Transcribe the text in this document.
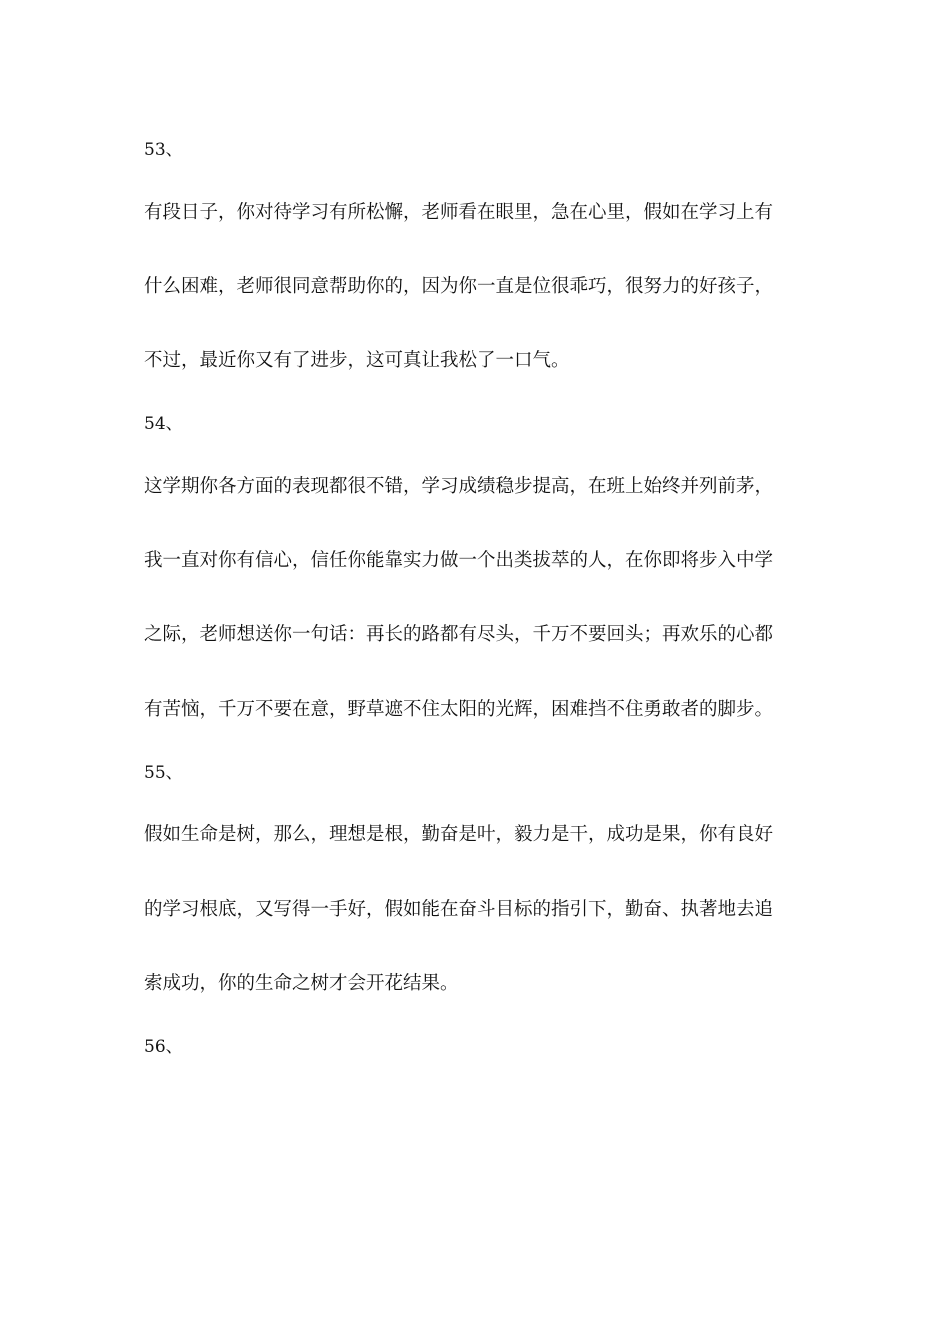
53、
有段日子，你对待学习有所松懈，老师看在眼里，急在心里，假如在学习上有
什么困难，老师很同意帮助你的，因为你一直是位很乖巧，很努力的好孩子，
不过，最近你又有了进步，这可真让我松了一口气。
54、
这学期你各方面的表现都很不错，学习成绩稳步提高，在班上始终并列前茅，
我一直对你有信心，信任你能靠实力做一个出类拔萃的人，在你即将步入中学
之际，老师想送你一句话：再长的路都有尽头，千万不要回头；再欢乐的心都
有苦恼，千万不要在意，野草遮不住太阳的光辉，困难挡不住勇敢者的脚步。
55、
假如生命是树，那么，理想是根，勤奋是叶，毅力是干，成功是果，你有良好
的学习根底，又写得一手好，假如能在奋斗目标的指引下，勤奋、执著地去追
索成功，你的生命之树才会开花结果。
56、
